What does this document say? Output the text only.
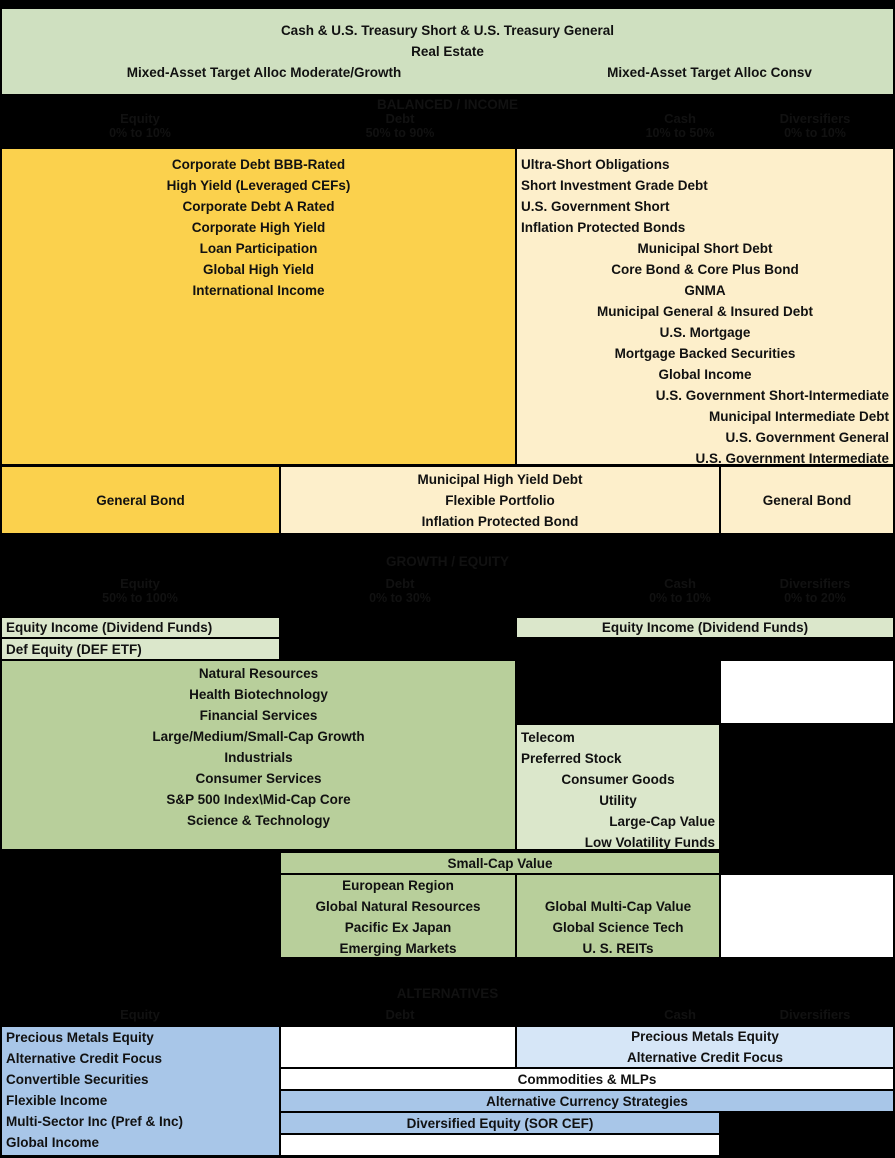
Cash & U.S. Treasury Short & U.S. Treasury General
Real Estate
Mixed-Asset Target Alloc Moderate/Growth	Mixed-Asset Target Alloc Consv
BALANCED / INCOME
Equity
0% to 10%
Debt
50% to 90%
Cash
10% to 50%
Diversifiers
0% to 10%
Corporate Debt BBB-Rated
High Yield (Leveraged CEFs)
Corporate Debt A Rated
Corporate High Yield
Loan Participation
Global High Yield
International Income
Ultra-Short Obligations
Short Investment Grade Debt
U.S. Government Short
Inflation Protected Bonds
Municipal Short Debt
Core Bond & Core Plus Bond
GNMA
Municipal General & Insured Debt
U.S. Mortgage
Mortgage Backed Securities
Global Income
U.S. Government Short-Intermediate
Municipal Intermediate Debt
U.S. Government General
U.S. Government Intermediate
General Bond
Municipal High Yield Debt
Flexible Portfolio
Inflation Protected Bond
General Bond
GROWTH / EQUITY
Equity
50% to 100%
Debt
0% to 30%
Cash
0% to 10%
Diversifiers
0% to 20%
Equity Income (Dividend Funds)	Equity Income (Dividend Funds)
Def Equity (DEF ETF)
Natural Resources
Health Biotechnology
Financial Services
Large/Medium/Small-Cap Growth
Industrials
Consumer Services
S&P 500 Index\Mid-Cap Core
Science & Technology
Telecom
Preferred Stock
Consumer Goods
Utility
Large-Cap Value
Low Volatility Funds
Small-Cap Value
European Region
Global Natural Resources
Pacific Ex Japan
Emerging Markets
Global Multi-Cap Value
Global Science Tech
U. S. REITs
ALTERNATIVES
Equity	Debt	Cash	Diversifiers
Precious Metals Equity
Alternative Credit Focus
Convertible Securities
Flexible Income
Multi-Sector Inc (Pref & Inc)
Global Income
Precious Metals Equity
Alternative Credit Focus
Commodities & MLPs
Alternative Currency Strategies
Diversified Equity (SOR CEF)
